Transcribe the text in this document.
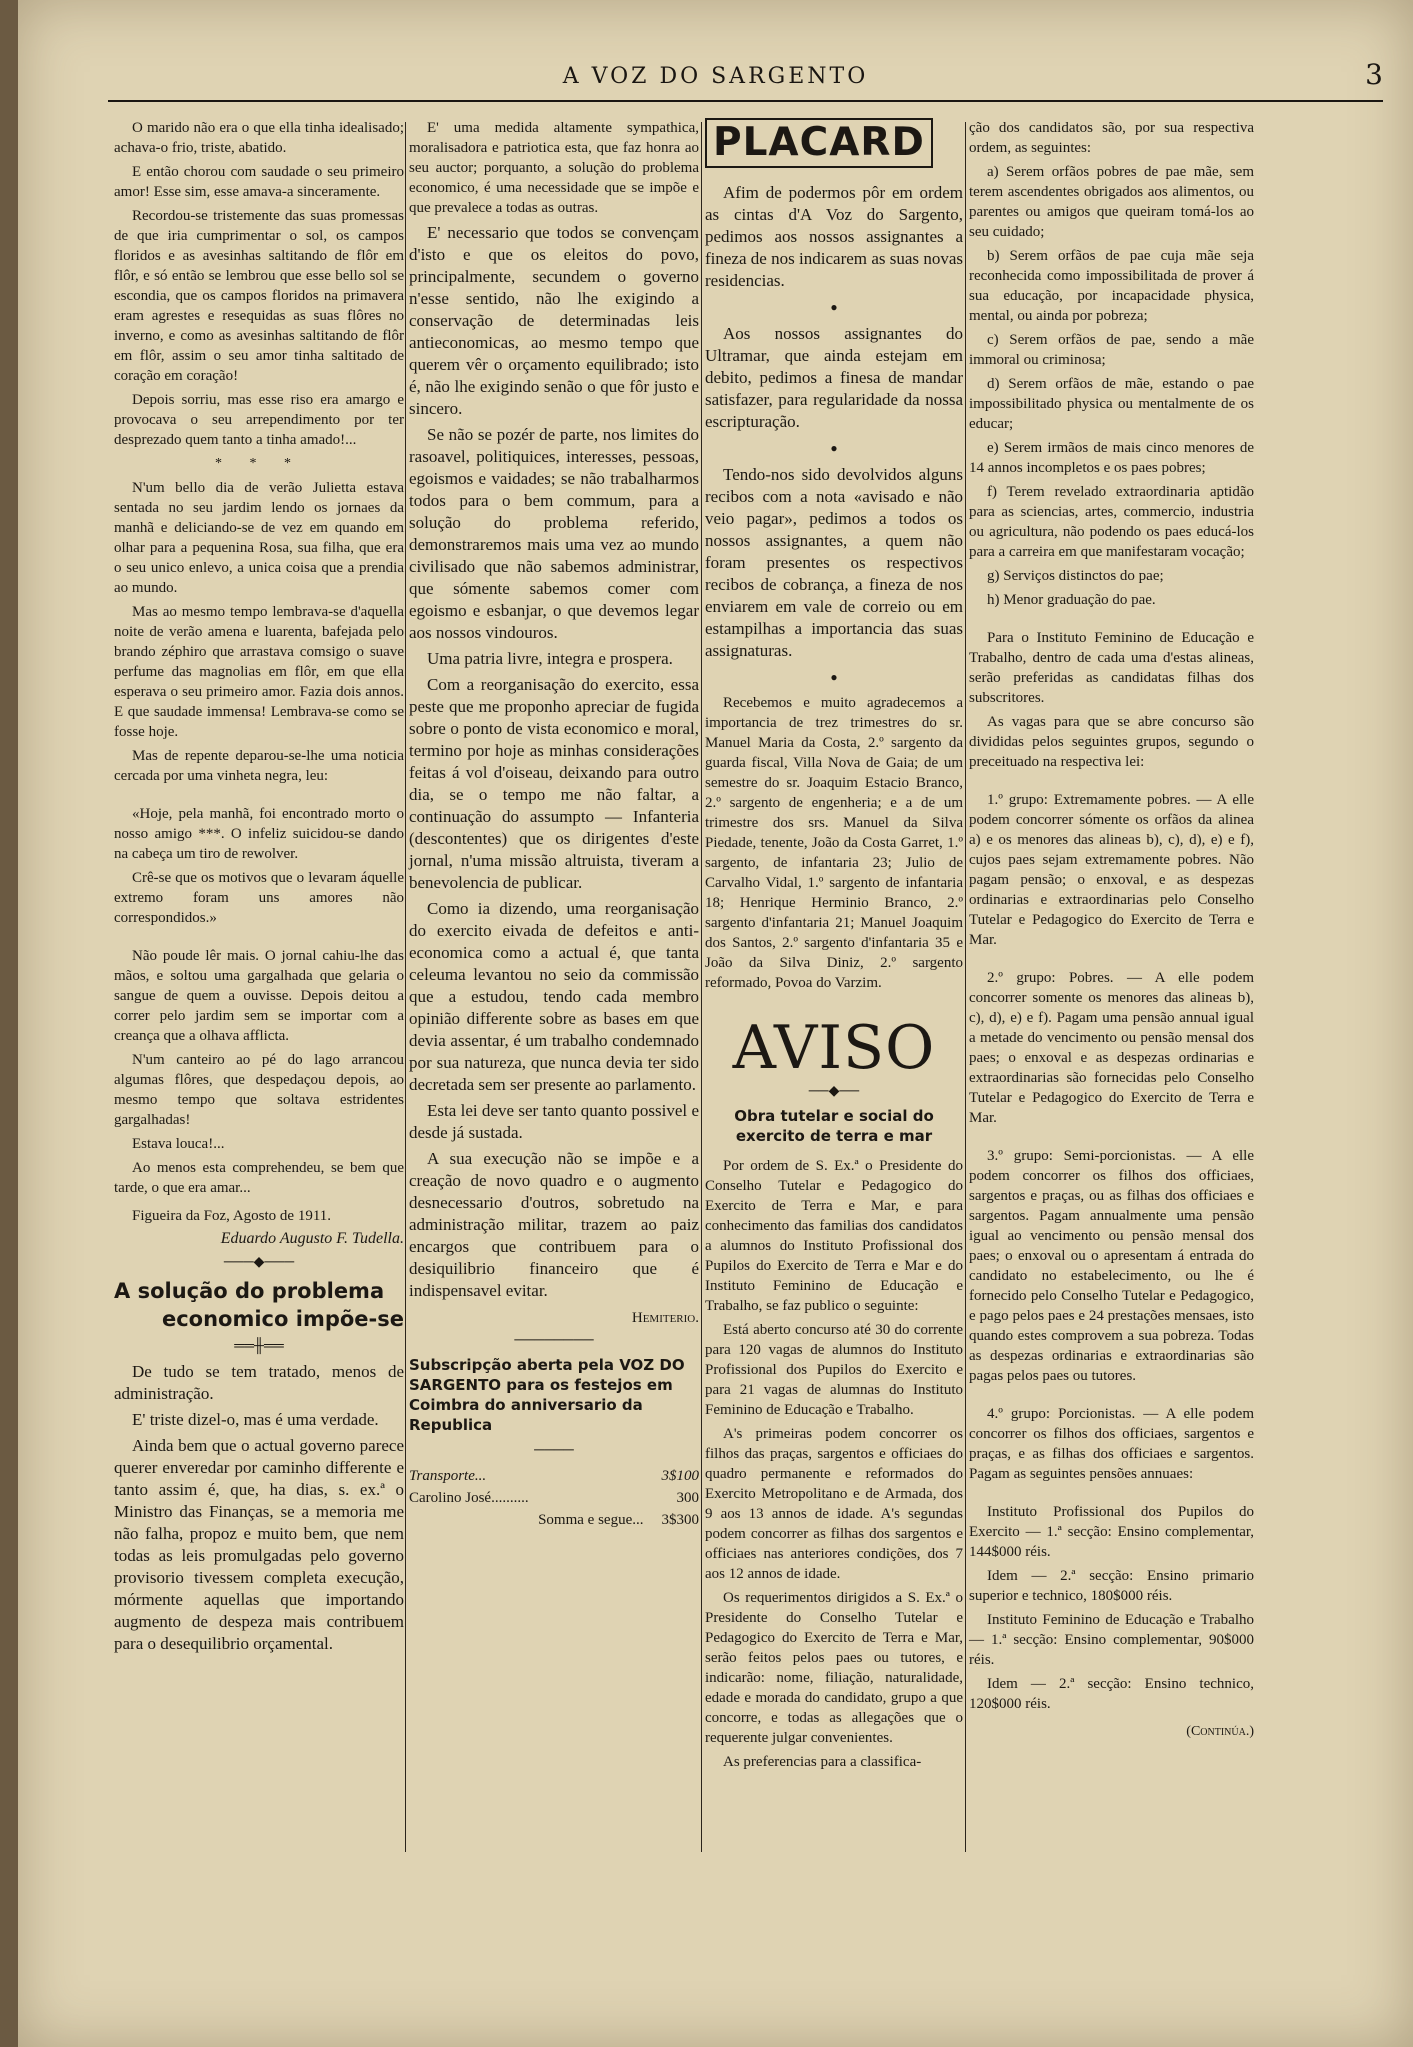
A VOZ DO SARGENTO	3

O marido não era o que ella tinha idealisado; achava-o frio, triste, abatido.

E então chorou com saudade o seu primeiro amor! Esse sim, esse amava-a sinceramente.

Recordou-se tristemente das suas promessas de que iria cumprimentar o sol, os campos floridos e as avesinhas saltitando de flôr em flôr, e só então se lembrou que esse bello sol se escondia, que os campos floridos na primavera eram agrestes e resequidas as suas flôres no inverno, e como as avesinhas saltitando de flôr em flôr, assim o seu amor tinha saltitado de coração em coração!

Depois sorriu, mas esse riso era amargo e provocava o seu arrependimento por ter desprezado quem tanto a tinha amado!...

* * *

N'um bello dia de verão Julietta estava sentada no seu jardim lendo os jornaes da manhã e deliciando-se de vez em quando em olhar para a pequenina Rosa, sua filha, que era o seu unico enlevo, a unica coisa que a prendia ao mundo.

Mas ao mesmo tempo lembrava-se d'aquella noite de verão amena e luarenta, bafejada pelo brando zéphiro que arrastava comsigo o suave perfume das magnolias em flôr, em que ella esperava o seu primeiro amor. Fazia dois annos. E que saudade immensa! Lembrava-se como se fosse hoje.

Mas de repente deparou-se-lhe uma noticia cercada por uma vinheta negra, leu:

«Hoje, pela manhã, foi encontrado morto o nosso amigo ***. O infeliz suicidou-se dando na cabeça um tiro de rewolver.

Crê-se que os motivos que o levaram áquelle extremo foram uns amores não correspondidos.»

Não poude lêr mais. O jornal cahiu-lhe das mãos, e soltou uma gargalhada que gelaria o sangue de quem a ouvisse. Depois deitou a correr pelo jardim sem se importar com a creança que a olhava afflicta.

N'um canteiro ao pé do lago arrancou algumas flôres, que despedaçou depois, ao mesmo tempo que soltava estridentes gargalhadas!

Estava louca!...

Ao menos esta comprehendeu, se bem que tarde, o que era amar...

Figueira da Foz, Agosto de 1911.

Eduardo Augusto F. Tudella.

───◆───
A solução do problema
economico impõe-se
══╫══

De tudo se tem tratado, menos de administração.

E' triste dizel-o, mas é uma verdade.

Ainda bem que o actual governo parece querer enveredar por caminho differente e tanto assim é, que, ha dias, s. ex.ª o Ministro das Finanças, se a memoria me não falha, propoz e muito bem, que nem todas as leis promulgadas pelo governo provisorio tivessem completa execução, mórmente aquellas que importando augmento de despeza mais contribuem para o desequilibrio orçamental.

E' uma medida altamente sympathica, moralisadora e patriotica esta, que faz honra ao seu auctor; porquanto, a solução do problema economico, é uma necessidade que se impõe e que prevalece a todas as outras.

E' necessario que todos se convençam d'isto e que os eleitos do povo, principalmente, secundem o governo n'esse sentido, não lhe exigindo a conservação de determinadas leis antieconomicas, ao mesmo tempo que querem vêr o orçamento equilibrado; isto é, não lhe exigindo senão o que fôr justo e sincero.

Se não se pozér de parte, nos limites do rasoavel, politiquices, interesses, pessoas, egoismos e vaidades; se não trabalharmos todos para o bem commum, para a solução do problema referido, demonstraremos mais uma vez ao mundo civilisado que não sabemos administrar, que sómente sabemos comer com egoismo e esbanjar, o que devemos legar aos nossos vindouros.

Uma patria livre, integra e prospera.

Com a reorganisação do exercito, essa peste que me proponho apreciar de fugida sobre o ponto de vista economico e moral, termino por hoje as minhas considerações feitas á vol d'oiseau, deixando para outro dia, se o tempo me não faltar, a continuação do assumpto — Infanteria (descontentes) que os dirigentes d'este jornal, n'uma missão altruista, tiveram a benevolencia de publicar.

Como ia dizendo, uma reorganisação do exercito eivada de defeitos e anti-economica como a actual é, que tanta celeuma levantou no seio da commissão que a estudou, tendo cada membro opinião differente sobre as bases em que devia assentar, é um trabalho condemnado por sua natureza, que nunca devia ter sido decretada sem ser presente ao parlamento.

Esta lei deve ser tanto quanto possivel e desde já sustada.

A sua execução não se impõe e a creação de novo quadro e o augmento desnecessario d'outros, sobretudo na administração militar, trazem ao paiz encargos que contribuem para o desiquilibrio financeiro que é indispensavel evitar.

Hemiterio.

────────
Subscripção aberta pela VOZ DO SARGENTO para os festejos em Coimbra do anniversario da Republica
────
Transporte...	3$100
Carolino José..........	300
Somma e segue... 3$300
PLACARD

Afim de podermos pôr em ordem as cintas d'A Voz do Sargento, pedimos aos nossos assignantes a fineza de nos indicarem as suas novas residencias.

●

Aos nossos assignantes do Ultramar, que ainda estejam em debito, pedimos a finesa de mandar satisfazer, para regularidade da nossa escripturação.

●

Tendo-nos sido devolvidos alguns recibos com a nota «avisado e não veio pagar», pedimos a todos os nossos assignantes, a quem não foram presentes os respectivos recibos de cobrança, a fineza de nos enviarem em vale de correio ou em estampilhas a importancia das suas assignaturas.

●

Recebemos e muito agradecemos a importancia de trez trimestres do sr. Manuel Maria da Costa, 2.º sargento da guarda fiscal, Villa Nova de Gaia; de um semestre do sr. Joaquim Estacio Branco, 2.º sargento de engenheria; e a de um trimestre dos srs. Manuel da Silva Piedade, tenente, João da Costa Garret, 1.º sargento, de infantaria 23; Julio de Carvalho Vidal, 1.º sargento de infantaria 18; Henrique Herminio Branco, 2.º sargento d'infantaria 21; Manuel Joaquim dos Santos, 2.º sargento d'infantaria 35 e João da Silva Diniz, 2.º sargento reformado, Povoa do Varzim.

AVISO
──◆──
Obra tutelar e social do exercito de terra e mar

Por ordem de S. Ex.ª o Presidente do Conselho Tutelar e Pedagogico do Exercito de Terra e Mar, e para conhecimento das familias dos candidatos a alumnos do Instituto Profissional dos Pupilos do Exercito de Terra e Mar e do Instituto Feminino de Educação e Trabalho, se faz publico o seguinte:

Está aberto concurso até 30 do corrente para 120 vagas de alumnos do Instituto Profissional dos Pupilos do Exercito e para 21 vagas de alumnas do Instituto Feminino de Educação e Trabalho.

A's primeiras podem concorrer os filhos das praças, sargentos e officiaes do quadro permanente e reformados do Exercito Metropolitano e de Armada, dos 9 aos 13 annos de idade. A's segundas podem concorrer as filhas dos sargentos e officiaes nas anteriores condições, dos 7 aos 12 annos de idade.

Os requerimentos dirigidos a S. Ex.ª o Presidente do Conselho Tutelar e Pedagogico do Exercito de Terra e Mar, serão feitos pelos paes ou tutores, e indicarão: nome, filiação, naturalidade, edade e morada do candidato, grupo a que concorre, e todas as allegações que o requerente julgar convenientes.

As preferencias para a classifica-

ção dos candidatos são, por sua respectiva ordem, as seguintes:

a) Serem orfãos pobres de pae mãe, sem terem ascendentes obrigados aos alimentos, ou parentes ou amigos que queiram tomá-los ao seu cuidado;

b) Serem orfãos de pae cuja mãe seja reconhecida como impossibilitada de prover á sua educação, por incapacidade physica, mental, ou ainda por pobreza;

c) Serem orfãos de pae, sendo a mãe immoral ou criminosa;

d) Serem orfãos de mãe, estando o pae impossibilitado physica ou mentalmente de os educar;

e) Serem irmãos de mais cinco menores de 14 annos incompletos e os paes pobres;

f) Terem revelado extraordinaria aptidão para as sciencias, artes, commercio, industria ou agricultura, não podendo os paes educá-los para a carreira em que manifestaram vocação;

g) Serviços distinctos do pae;

h) Menor graduação do pae.

Para o Instituto Feminino de Educação e Trabalho, dentro de cada uma d'estas alineas, serão preferidas as candidatas filhas dos subscritores.

As vagas para que se abre concurso são divididas pelos seguintes grupos, segundo o preceituado na respectiva lei:

1.º grupo: Extremamente pobres. — A elle podem concorrer sómente os orfãos da alinea a) e os menores das alineas b), c), d), e) e f), cujos paes sejam extremamente pobres. Não pagam pensão; o enxoval, e as despezas ordinarias e extraordinarias pelo Conselho Tutelar e Pedagogico do Exercito de Terra e Mar.

2.º grupo: Pobres. — A elle podem concorrer somente os menores das alineas b), c), d), e) e f). Pagam uma pensão annual igual a metade do vencimento ou pensão mensal dos paes; o enxoval e as despezas ordinarias e extraordinarias são fornecidas pelo Conselho Tutelar e Pedagogico do Exercito de Terra e Mar.

3.º grupo: Semi-porcionistas. — A elle podem concorrer os filhos dos officiaes, sargentos e praças, ou as filhas dos officiaes e sargentos. Pagam annualmente uma pensão igual ao vencimento ou pensão mensal dos paes; o enxoval ou o apresentam á entrada do candidato no estabelecimento, ou lhe é fornecido pelo Conselho Tutelar e Pedagogico, e pago pelos paes e 24 prestações mensaes, isto quando estes comprovem a sua pobreza. Todas as despezas ordinarias e extraordinarias são pagas pelos paes ou tutores.

4.º grupo: Porcionistas. — A elle podem concorrer os filhos dos officiaes, sargentos e praças, e as filhas dos officiaes e sargentos. Pagam as seguintes pensões annuaes:

Instituto Profissional dos Pupilos do Exercito — 1.ª secção: Ensino complementar, 144$000 réis.

Idem — 2.ª secção: Ensino primario superior e technico, 180$000 réis.

Instituto Feminino de Educação e Trabalho — 1.ª secção: Ensino complementar, 90$000 réis.

Idem — 2.ª secção: Ensino technico, 120$000 réis.

(Continúa.)
